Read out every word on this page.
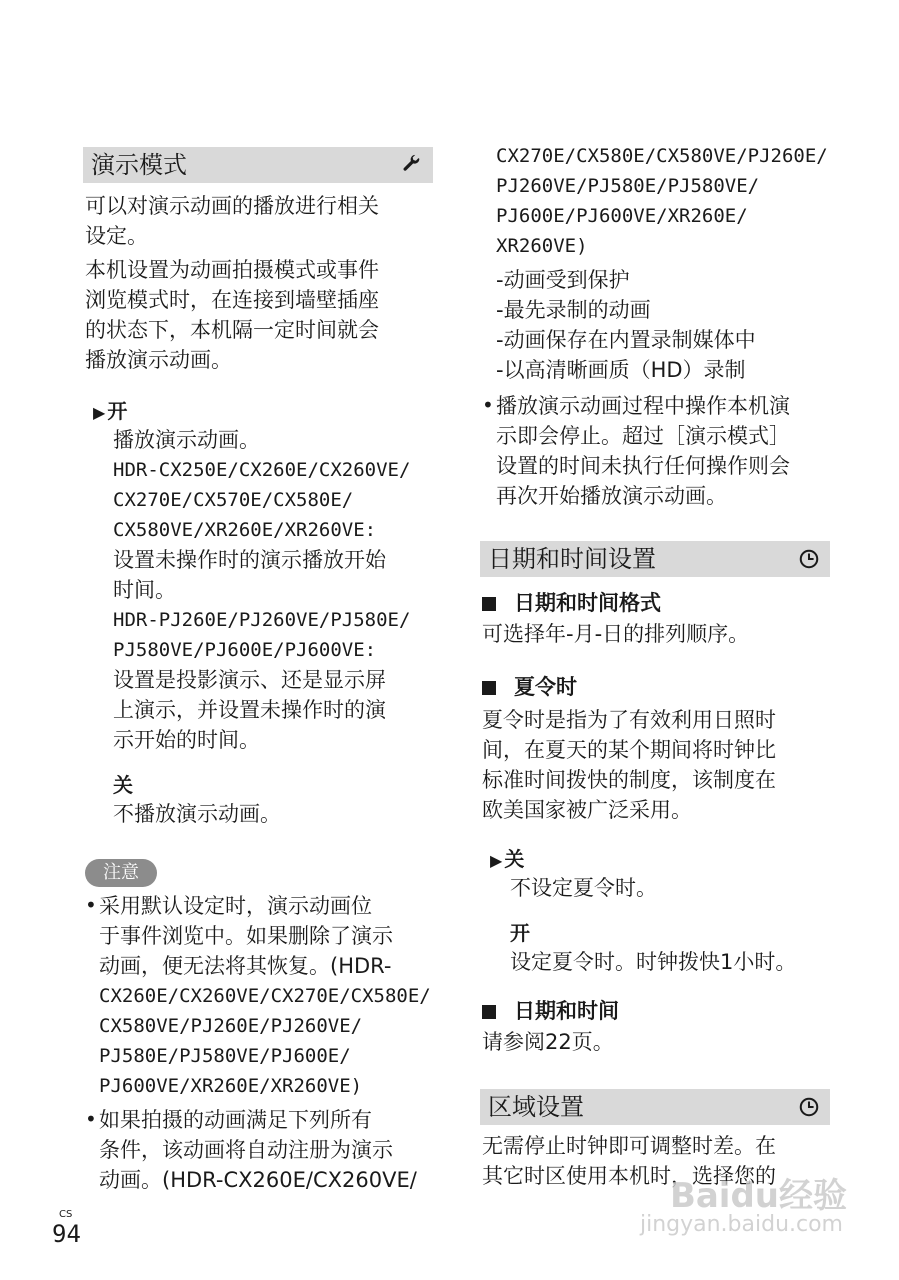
演示模式
可以对演示动画的播放进行相关
设定。
本机设置为动画拍摄模式或事件
浏览模式时，在连接到墙壁插座
的状态下，本机隔一定时间就会
播放演示动画。
▶ 开
播放演示动画。
HDR-CX250E/CX260E/CX260VE/
CX270E/CX570E/CX580E/
CX580VE/XR260E/XR260VE:
设置未操作时的演示播放开始
时间。
HDR-PJ260E/PJ260VE/PJ580E/
PJ580VE/PJ600E/PJ600VE:
设置是投影演示、还是显示屏
上演示，并设置未操作时的演
示开始的时间。
关
不播放演示动画。
注意
• 采用默认设定时，演示动画位
于事件浏览中。如果删除了演示
动画，便无法将其恢复。(HDR-
CX260E/CX260VE/CX270E/CX580E/
CX580VE/PJ260E/PJ260VE/
PJ580E/PJ580VE/PJ600E/
PJ600VE/XR260E/XR260VE)
• 如果拍摄的动画满足下列所有
条件，该动画将自动注册为演示
动画。(HDR-CX260E/CX260VE/
CX270E/CX580E/CX580VE/PJ260E/
PJ260VE/PJ580E/PJ580VE/
PJ600E/PJ600VE/XR260E/
XR260VE)
-动画受到保护
-最先录制的动画
-动画保存在内置录制媒体中
-以高清晰画质（HD）录制
• 播放演示动画过程中操作本机演
示即会停止。超过［演示模式］
设置的时间未执行任何操作则会
再次开始播放演示动画。
日期和时间设置
日期和时间格式
可选择年-月-日的排列顺序。
夏令时
夏令时是指为了有效利用日照时
间，在夏天的某个期间将时钟比
标准时间拨快的制度，该制度在
欧美国家被广泛采用。
▶ 关
不设定夏令时。
开
设定夏令时。时钟拨快1小时。
日期和时间
请参阅22页。
区域设置
无需停止时钟即可调整时差。在
其它时区使用本机时，选择您的
CS
94
Baidu经验
jingyan.baidu.com
